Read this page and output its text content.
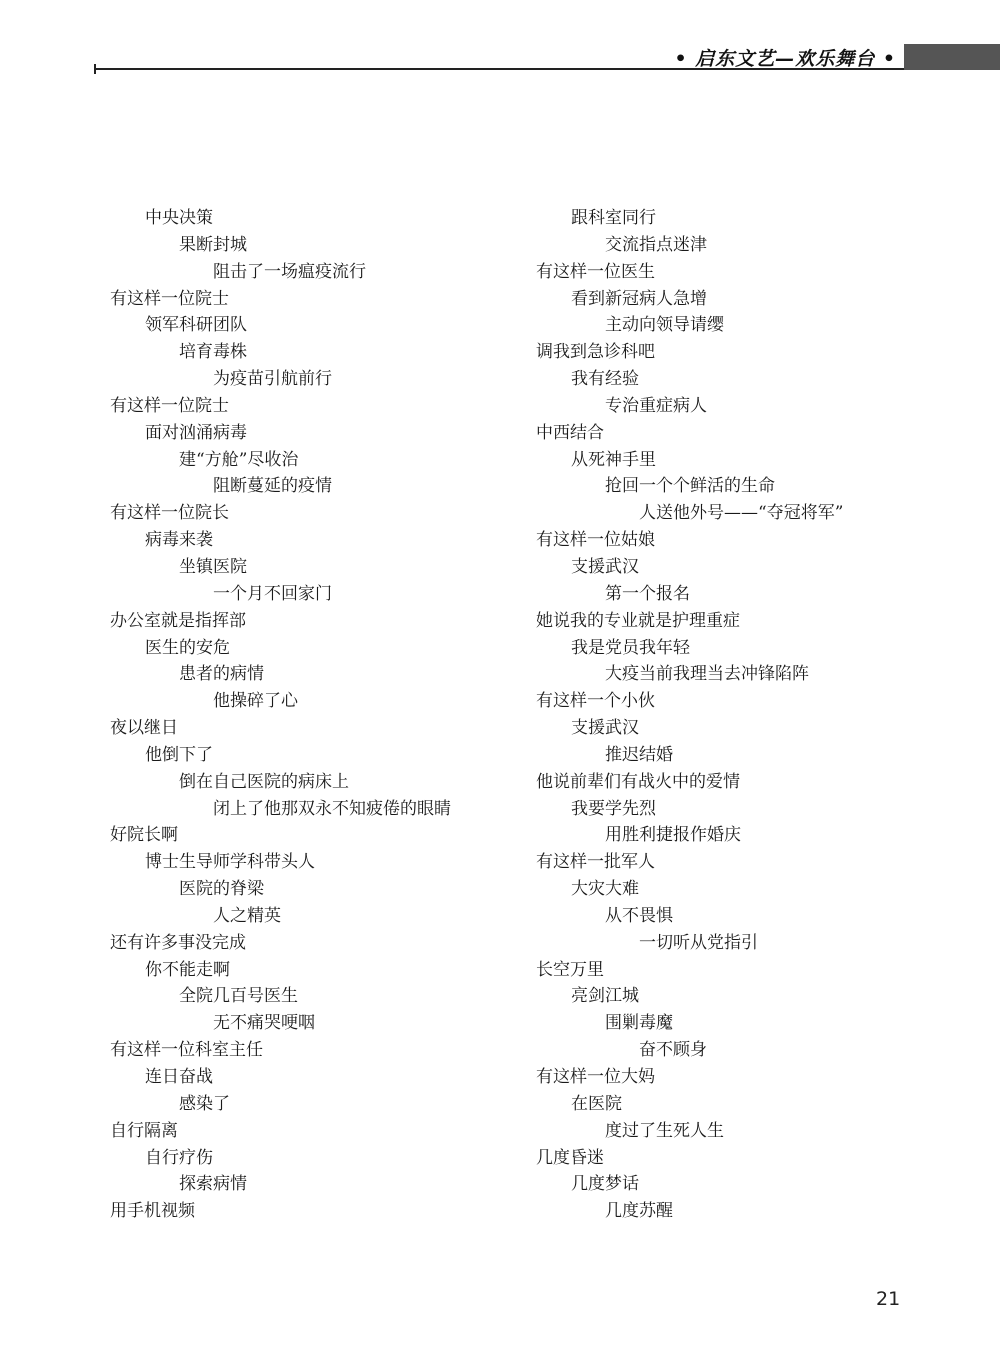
• 启东文艺—欢乐舞台 •
中央决策
果断封城
阻击了一场瘟疫流行
有这样一位院士
领军科研团队
培育毒株
为疫苗引航前行
有这样一位院士
面对汹涌病毒
建“方舱”尽收治
阻断蔓延的疫情
有这样一位院长
病毒来袭
坐镇医院
一个月不回家门
办公室就是指挥部
医生的安危
患者的病情
他操碎了心
夜以继日
他倒下了
倒在自己医院的病床上
闭上了他那双永不知疲倦的眼睛
好院长啊
博士生导师学科带头人
医院的脊梁
人之精英
还有许多事没完成
你不能走啊
全院几百号医生
无不痛哭哽咽
有这样一位科室主任
连日奋战
感染了
自行隔离
自行疗伤
探索病情
用手机视频
跟科室同行
交流指点迷津
有这样一位医生
看到新冠病人急增
主动向领导请缨
调我到急诊科吧
我有经验
专治重症病人
中西结合
从死神手里
抢回一个个鲜活的生命
人送他外号——“夺冠将军”
有这样一位姑娘
支援武汉
第一个报名
她说我的专业就是护理重症
我是党员我年轻
大疫当前我理当去冲锋陷阵
有这样一个小伙
支援武汉
推迟结婚
他说前辈们有战火中的爱情
我要学先烈
用胜利捷报作婚庆
有这样一批军人
大灾大难
从不畏惧
一切听从党指引
长空万里
亮剑江城
围剿毒魔
奋不顾身
有这样一位大妈
在医院
度过了生死人生
几度昏迷
几度梦话
几度苏醒
21
